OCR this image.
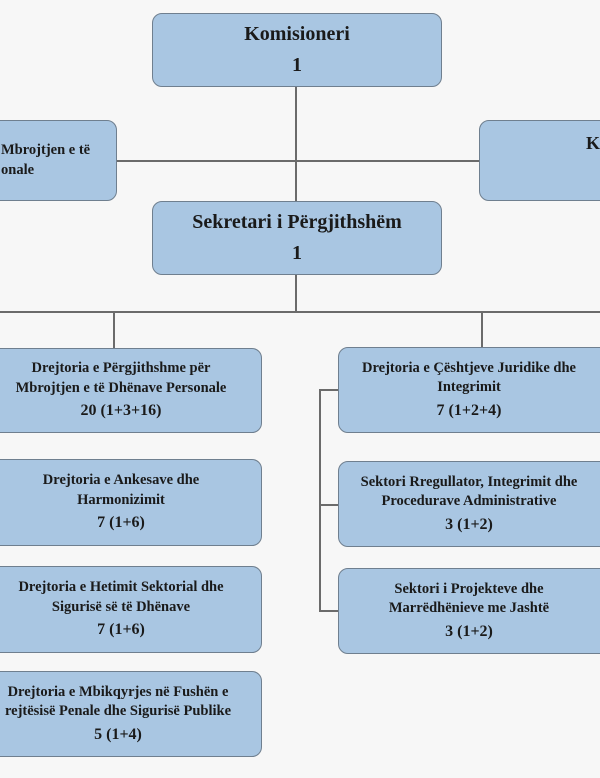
Komisioneri
1
Mbrojtjen e të
onale
K
Sekretari i Përgjithshëm
1
Drejtoria e Përgjithshme për
Mbrojtjen e të Dhënave Personale
20 (1+3+16)
Drejtoria e Ankesave dhe
Harmonizimit
7 (1+6)
Drejtoria e Hetimit Sektorial dhe
Sigurisë së të Dhënave
7 (1+6)
Drejtoria e Mbikqyrjes në Fushën e
rejtësisë Penale dhe Sigurisë Publike
5 (1+4)
Drejtoria e Çështjeve Juridike dhe
Integrimit
7 (1+2+4)
Sektori Rregullator, Integrimit dhe
Procedurave Administrative
3 (1+2)
Sektori i Projekteve dhe
Marrëdhënieve me Jashtë
3 (1+2)
